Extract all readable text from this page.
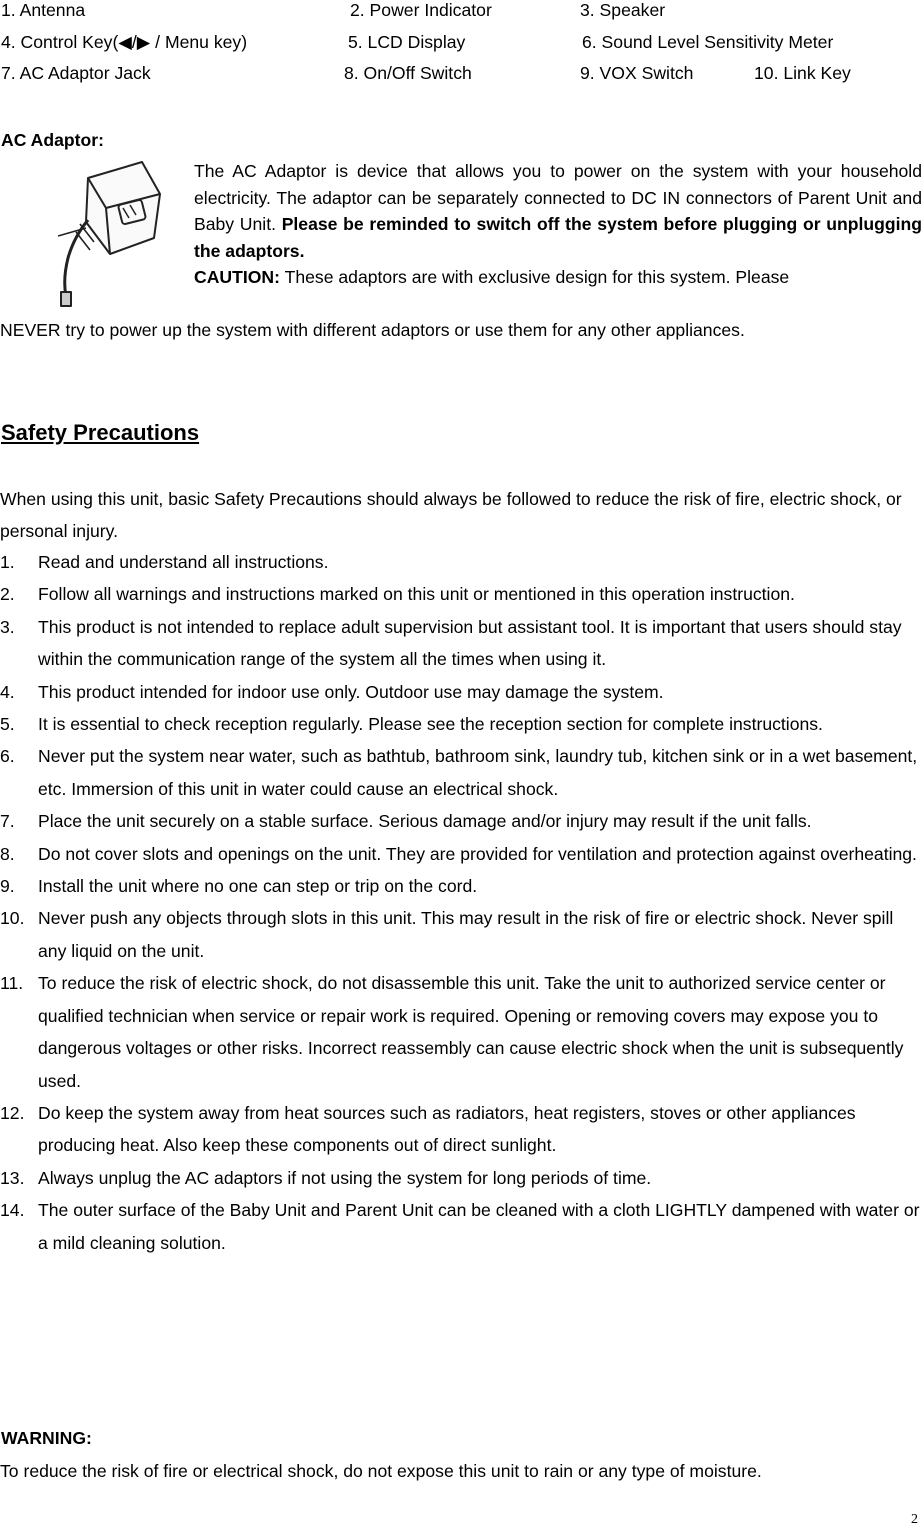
1. Antenna	2. Power Indicator	3. Speaker
4. Control Key(◀/▶ / Menu key)	5. LCD Display	6. Sound Level Sensitivity Meter
7. AC Adaptor Jack	8. On/Off Switch	9. VOX Switch	10. Link Key
AC Adaptor:
The AC Adaptor is device that allows you to power on the system with your household electricity. The adaptor can be separately connected to DC IN connectors of Parent Unit and Baby Unit. Please be reminded to switch off the system before plugging or unplugging the adaptors.
CAUTION: These adaptors are with exclusive design for this system. Please
NEVER try to power up the system with different adaptors or use them for any other appliances.
Safety Precautions
When using this unit, basic Safety Precautions should always be followed to reduce the risk of fire, electric shock, or personal injury.
1. Read and understand all instructions.
2. Follow all warnings and instructions marked on this unit or mentioned in this operation instruction.
3. This product is not intended to replace adult supervision but assistant tool. It is important that users should stay within the communication range of the system all the times when using it.
4. This product intended for indoor use only. Outdoor use may damage the system.
5. It is essential to check reception regularly. Please see the reception section for complete instructions.
6. Never put the system near water, such as bathtub, bathroom sink, laundry tub, kitchen sink or in a wet basement, etc. Immersion of this unit in water could cause an electrical shock.
7. Place the unit securely on a stable surface. Serious damage and/or injury may result if the unit falls.
8. Do not cover slots and openings on the unit. They are provided for ventilation and protection against overheating.
9. Install the unit where no one can step or trip on the cord.
10. Never push any objects through slots in this unit. This may result in the risk of fire or electric shock. Never spill any liquid on the unit.
11. To reduce the risk of electric shock, do not disassemble this unit. Take the unit to authorized service center or qualified technician when service or repair work is required. Opening or removing covers may expose you to dangerous voltages or other risks. Incorrect reassembly can cause electric shock when the unit is subsequently used.
12. Do keep the system away from heat sources such as radiators, heat registers, stoves or other appliances producing heat. Also keep these components out of direct sunlight.
13. Always unplug the AC adaptors if not using the system for long periods of time.
14. The outer surface of the Baby Unit and Parent Unit can be cleaned with a cloth LIGHTLY dampened with water or a mild cleaning solution.
WARNING:
To reduce the risk of fire or electrical shock, do not expose this unit to rain or any type of moisture.
2
